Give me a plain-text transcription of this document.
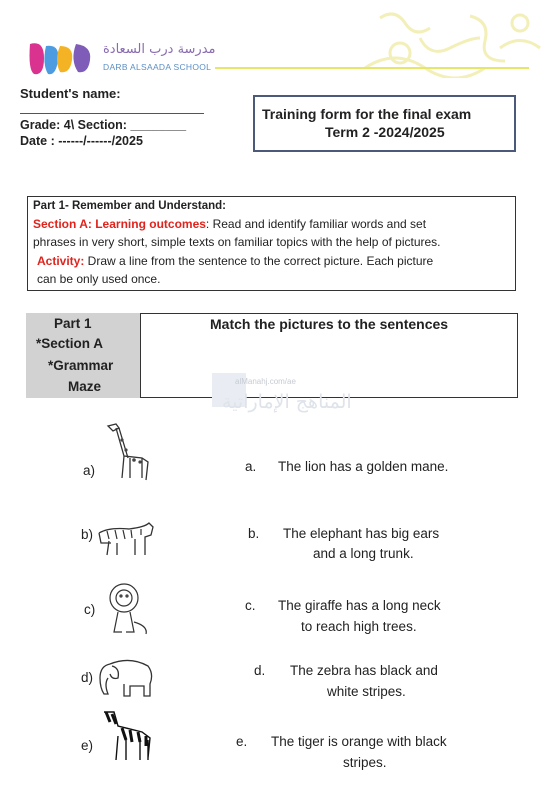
مدرسة درب السعادة
DARB ALSAADA SCHOOL
Student's name:
Grade: 4\ Section: ________
Date : ------/------/2025
Training form for the final exam
Term 2 -2024/2025
Part 1- Remember and Understand:
Section A: Learning outcomes: Read and identify familiar words and set
phrases in very short, simple texts on familiar topics with the help of pictures.
Activity: Draw a line from the sentence to the correct picture. Each picture
can be only used once.
Part 1
*Section A
*Grammar
Maze
Match the pictures to the sentences
alManahj.com/ae
المناهج الإماراتية
a)	a. The lion has a golden mane.
b)	b. The elephant has big ears
and a long trunk.
c)	c. The giraffe has a long neck
to reach high trees.
d)	d. The zebra has black and
white stripes.
e)	e. The tiger is orange with black
stripes.
